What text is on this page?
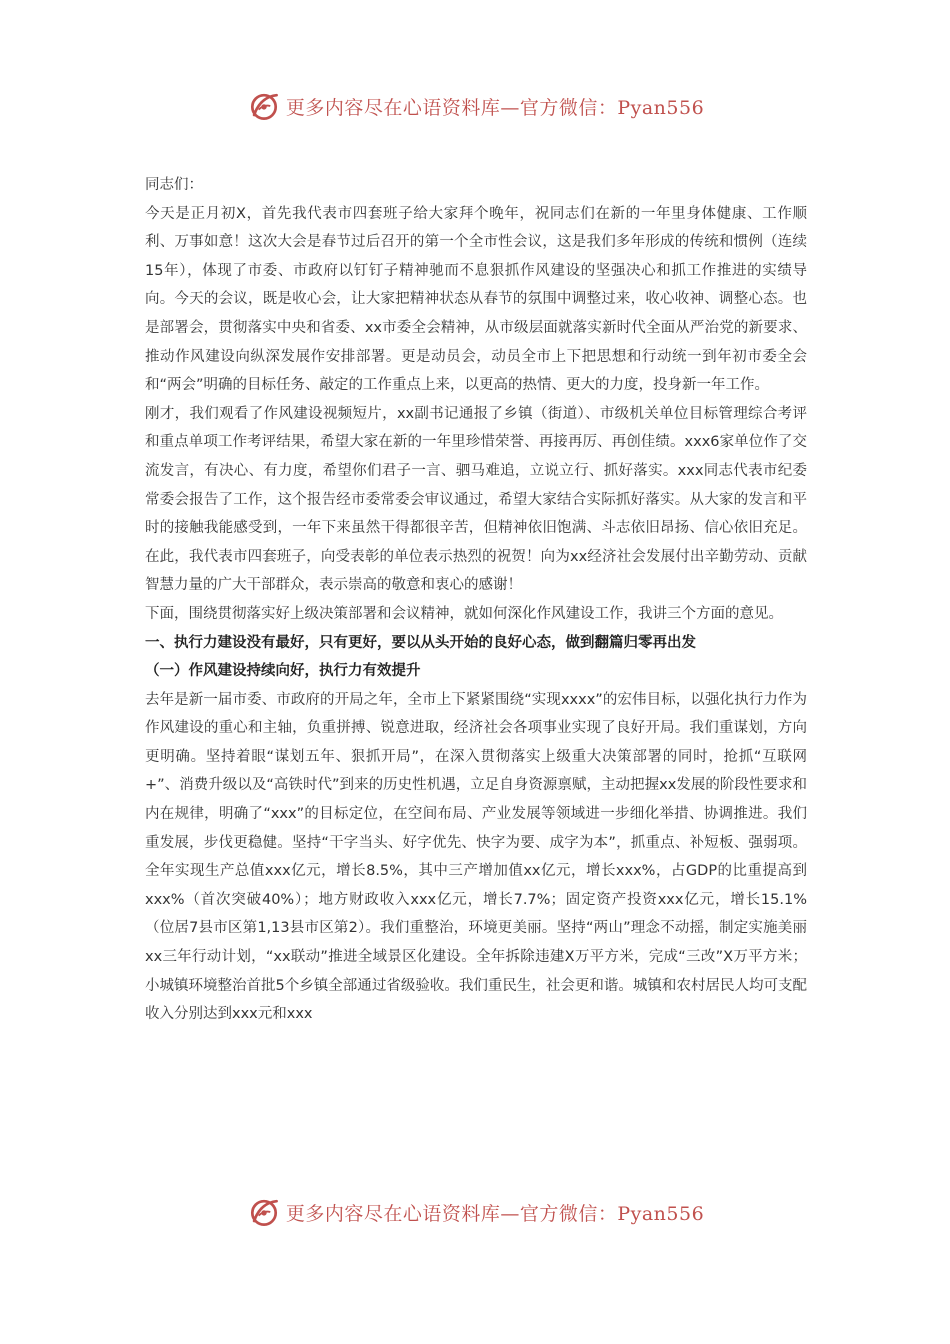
更多内容尽在心语资料库—官方微信：Pyan556

同志们：

今天是正月初X，首先我代表市四套班子给大家拜个晚年，祝同志们在新的一年里身体健康、工作顺利、万事如意！这次大会是春节过后召开的第一个全市性会议，这是我们多年形成的传统和惯例（连续15年），体现了市委、市政府以钉钉子精神驰而不息狠抓作风建设的坚强决心和抓工作推进的实绩导向。今天的会议，既是收心会，让大家把精神状态从春节的氛围中调整过来，收心收神、调整心态。也是部署会，贯彻落实中央和省委、xx市委全会精神，从市级层面就落实新时代全面从严治党的新要求、推动作风建设向纵深发展作安排部署。更是动员会，动员全市上下把思想和行动统一到年初市委全会和“两会”明确的目标任务、敲定的工作重点上来，以更高的热情、更大的力度，投身新一年工作。

刚才，我们观看了作风建设视频短片，xx副书记通报了乡镇（街道）、市级机关单位目标管理综合考评和重点单项工作考评结果，希望大家在新的一年里珍惜荣誉、再接再厉、再创佳绩。xxx6家单位作了交流发言，有决心、有力度，希望你们君子一言、驷马难追，立说立行、抓好落实。xxx同志代表市纪委常委会报告了工作，这个报告经市委常委会审议通过，希望大家结合实际抓好落实。从大家的发言和平时的接触我能感受到，一年下来虽然干得都很辛苦，但精神依旧饱满、斗志依旧昂扬、信心依旧充足。在此，我代表市四套班子，向受表彰的单位表示热烈的祝贺！向为xx经济社会发展付出辛勤劳动、贡献智慧力量的广大干部群众，表示崇高的敬意和衷心的感谢！

下面，围绕贯彻落实好上级决策部署和会议精神，就如何深化作风建设工作，我讲三个方面的意见。

一、执行力建设没有最好，只有更好，要以从头开始的良好心态，做到翻篇归零再出发

（一）作风建设持续向好，执行力有效提升

去年是新一届市委、市政府的开局之年，全市上下紧紧围绕“实现xxxx”的宏伟目标，以强化执行力作为作风建设的重心和主轴，负重拼搏、锐意进取，经济社会各项事业实现了良好开局。我们重谋划，方向更明确。坚持着眼“谋划五年、狠抓开局”，在深入贯彻落实上级重大决策部署的同时，抢抓“互联网+”、消费升级以及“高铁时代”到来的历史性机遇，立足自身资源禀赋，主动把握xx发展的阶段性要求和内在规律，明确了“xxx”的目标定位，在空间布局、产业发展等领域进一步细化举措、协调推进。我们重发展，步伐更稳健。坚持“干字当头、好字优先、快字为要、成字为本”，抓重点、补短板、强弱项。全年实现生产总值xxx亿元，增长8.5%，其中三产增加值xx亿元，增长xxx%，占GDP的比重提高到xxx%（首次突破40%）；地方财政收入xxx亿元，增长7.7%；固定资产投资xxx亿元，增长15.1%（位居7县市区第1,13县市区第2）。我们重整治，环境更美丽。坚持“两山”理念不动摇，制定实施美丽xx三年行动计划，“xx联动”推进全域景区化建设。全年拆除违建X万平方米，完成“三改”X万平方米；小城镇环境整治首批5个乡镇全部通过省级验收。我们重民生，社会更和谐。城镇和农村居民人均可支配收入分别达到xxx元和xxx

更多内容尽在心语资料库—官方微信：Pyan556
